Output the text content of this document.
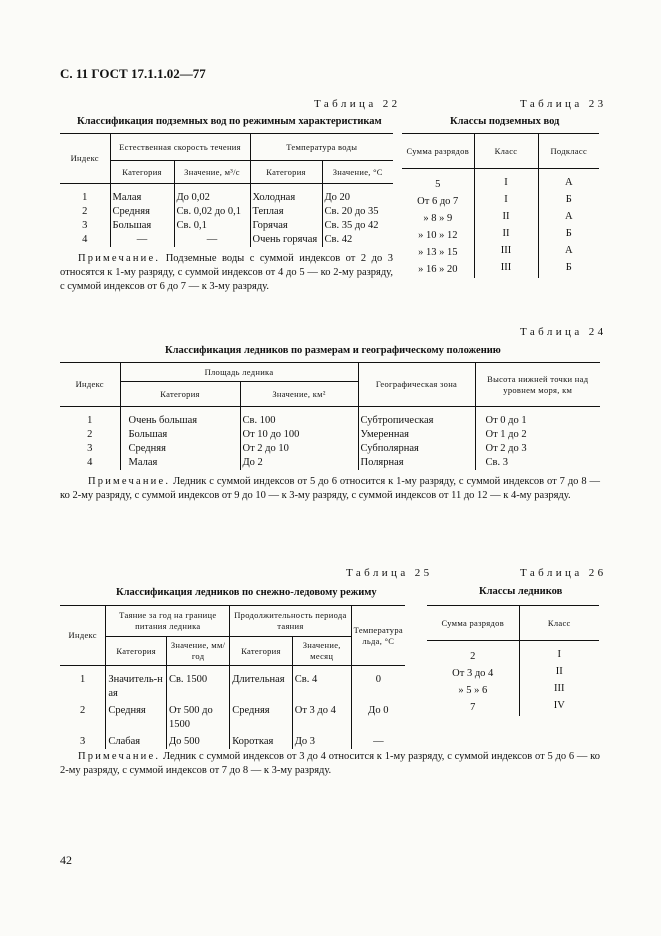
С. 11 ГОСТ 17.1.1.02—77
Таблица 22
Классификация подземных вод по режимным характеристикам
Индекс	Естественная скорость течения		Температура воды	
	Категория	Значение, м³/с	Категория	Значение, °С

1	Малая	До 0,02	Холодная	До 20
2	Средняя	Св. 0,02 до 0,1	Теплая	Св. 20 до 35
3	Большая	Св. 0,1	Горячая	Св. 35 до 42
4	—	—	Очень горячая	Св. 42
Примечание. Подземные воды с суммой индексов от 2 до 3 относятся к 1-му разряду, с суммой индексов от 4 до 5 — ко 2-му разряду, с суммой индексов от 6 до 7 — к 3-му разряду.
Таблица 23
Классы подземных вод
Сумма разрядов	Класс	Подкласс

5	I	А
От 6 до 7	I	Б
» 8 » 9	II	А
» 10 » 12	II	Б
» 13 » 15	III	А
» 16 » 20	III	Б
Таблица 24
Классификация ледников по размерам и географическому положению
Индекс	Площадь ледника		Географическая зона	Высота нижней точки над уровнем моря, км
	Категория	Значение, км²		

1	Очень большая	Св. 100	Субтропическая	От 0 до 1
2	Большая	От 10 до 100	Умеренная	От 1 до 2
3	Средняя	От 2 до 10	Субполярная	От 2 до 3
4	Малая	До 2	Полярная	Св. 3
Примечание. Ледник с суммой индексов от 5 до 6 относится к 1-му разряду, с суммой индексов от 7 до 8 — ко 2-му разряду, с суммой индексов от 9 до 10 — к 3-му разряду, с суммой индексов от 11 до 12 — к 4-му разряду.
Таблица 25
Классификация ледников по снежно-ледовому режиму
Индекс	Таяние за год на границе питания ледника		Продолжительность периода таяния		Температура льда, °С
	Категория	Значение, мм/год	Категория	Значение, месяц	

1	Значитель-ная	Св. 1500	Длительная	Св. 4	0
2	Средняя	От 500 до 1500	Средняя	От 3 до 4	До 0
3	Слабая	До 500	Короткая	До 3	—
Примечание. Ледник с суммой индексов от 3 до 4 относится к 1-му разряду, с суммой индексов от 5 до 6 — ко 2-му разряду, с суммой индексов от 7 до 8 — к 3-му разряду.
Таблица 26
Классы ледников
Сумма разрядов	Класс

2	I
От 3 до 4	II
» 5 » 6	III
7	IV
42
